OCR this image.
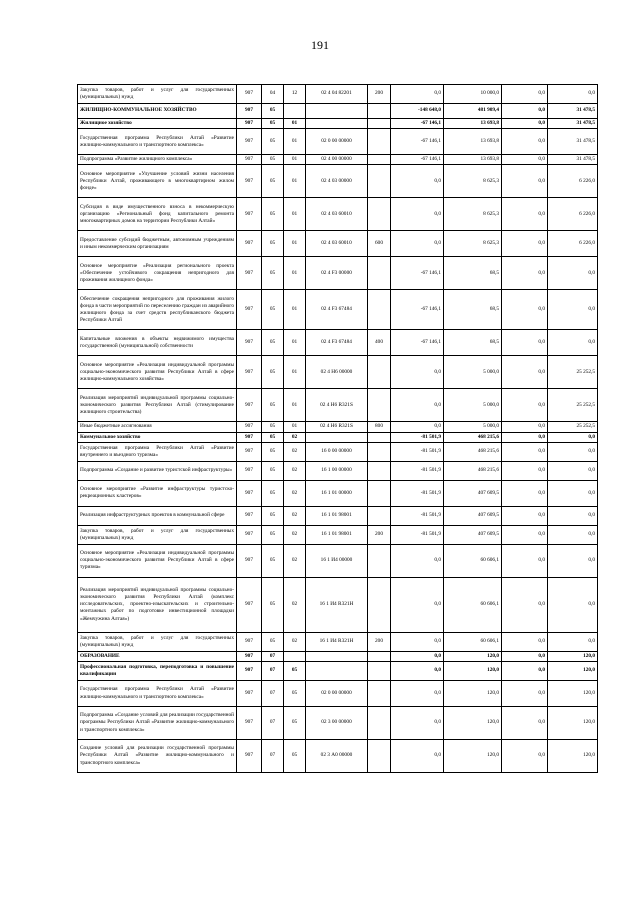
191
Закупка товаров, работ и услуг для государственных (муниципальных) нужд	907	04	12	02 4 04 82201	200	0,0	10 000,0	0,0	0,0
ЖИЛИЩНО-КОММУНАЛЬНОЕ ХОЗЯЙСТВО	907	05				-148 648,0	481 909,4	0,0	31 478,5
Жилищное хозяйство	907	05	01			-67 146,1	13 693,8	0,0	31 478,5
Государственная программа Республики Алтай «Развитие жилищно-коммунального и транспортного комплекса»	907	05	01	02 0 00 00000		-67 146,1	13 693,8	0,0	31 478,5
Подпрограмма «Развитие жилищного комплекса»	907	05	01	02 4 00 00000		-67 146,1	13 693,8	0,0	31 478,5
Основное мероприятие «Улучшение условий жизни населения Республики Алтай, проживающего в многоквартирном жилом фонде»	907	05	01	02 4 03 00000		0,0	8 625,3	0,0	6 226,0
Субсидия в виде имущественного взноса в некоммерческую организацию «Региональный фонд капитального ремонта многоквартирных домов на территории Республики Алтай»	907	05	01	02 4 03 60010		0,0	8 625,3	0,0	6 226,0
Предоставление субсидий бюджетным, автономным учреждениям и иным некоммерческим организациям	907	05	01	02 4 03 60010	600	0,0	8 625,3	0,0	6 226,0
Основное мероприятие «Реализация регионального проекта «Обеспечение устойчивого сокращения непригодного для проживания жилищного фонда»	907	05	01	02 4 F3 00000		-67 146,1	68,5	0,0	0,0
Обеспечение сокращения непригодного для проживания жилого фонда в части мероприятий по переселению граждан из аварийного жилищного фонда за счет средств республиканского бюджета Республики Алтай	907	05	01	02 4 F3 67484		-67 146,1	68,5	0,0	0,0
Капитальные вложения в объекты недвижимого имущества государственной (муниципальной) собственности	907	05	01	02 4 F3 67484	400	-67 146,1	68,5	0,0	0,0
Основное мероприятие «Реализация индивидуальной программы социально-экономического развития Республики Алтай в сфере жилищно-коммунального хозяйства»	907	05	01	02 4 Н6 00000		0,0	5 000,0	0,0	25 252,5
Реализация мероприятий индивидуальной программы социально-экономического развития Республики Алтай (стимулирование жилищного строительства)	907	05	01	02 4 Н6 R321S		0,0	5 000,0	0,0	25 252,5
Иные бюджетные ассигнования	907	05	01	02 4 Н6 R321S	800	0,0	5 000,0	0,0	25 252,5
Коммунальное хозяйство	907	05	02			-81 501,9	468 215,6	0,0	0,0
Государственная программа Республики Алтай «Развитие внутреннего и въездного туризма»	907	05	02	16 0 00 00000		-81 501,9	468 215,6	0,0	0,0
Подпрограмма «Создание и развитие туристской инфраструктуры»	907	05	02	16 1 00 00000		-81 501,9	468 215,6	0,0	0,0
Основное мероприятие «Развитие инфраструктуры туристско-рекреационных кластеров»	907	05	02	16 1 01 00000		-81 501,9	407 609,5	0,0	0,0
Реализация инфраструктурных проектов в коммунальной сфере	907	05	02	16 1 01 98001		-81 501,9	407 609,5	0,0	0,0
Закупка товаров, работ и услуг для государственных (муниципальных) нужд	907	05	02	16 1 01 98001	200	-81 501,9	407 609,5	0,0	0,0
Основное мероприятие «Реализация индивидуальной программы социально-экономического развития Республики Алтай в сфере туризма»	907	05	02	16 1 И4 00000		0,0	60 606,1	0,0	0,0
Реализация мероприятий индивидуальной программы социально-экономического развития Республики Алтай (комплекс исследовательских, проектно-изыскательских и строительно-монтажных работ по подготовке инвестиционной площадки «Жемчужина Алтая»)	907	05	02	16 1 И4 R321Н		0,0	60 606,1	0,0	0,0
Закупка товаров, работ и услуг для государственных (муниципальных) нужд	907	05	02	16 1 И4 R321Н	200	0,0	60 606,1	0,0	0,0
ОБРАЗОВАНИЕ	907	07				0,0	120,0	0,0	120,0
Профессиональная подготовка, переподготовка и повышение квалификации	907	07	05			0,0	120,0	0,0	120,0
Государственная программа Республики Алтай «Развитие жилищно-коммунального и транспортного комплекса»	907	07	05	02 0 00 00000		0,0	120,0	0,0	120,0
Подпрограмма «Создание условий для реализации государственной программы Республики Алтай «Развитие жилищно-коммунального и транспортного комплекса»	907	07	05	02 3 00 00000		0,0	120,0	0,0	120,0
Создание условий для реализации государственной программы Республики Алтай «Развитие жилищно-коммунального и транспортного комплекса»	907	07	05	02 3 А0 00000		0,0	120,0	0,0	120,0
